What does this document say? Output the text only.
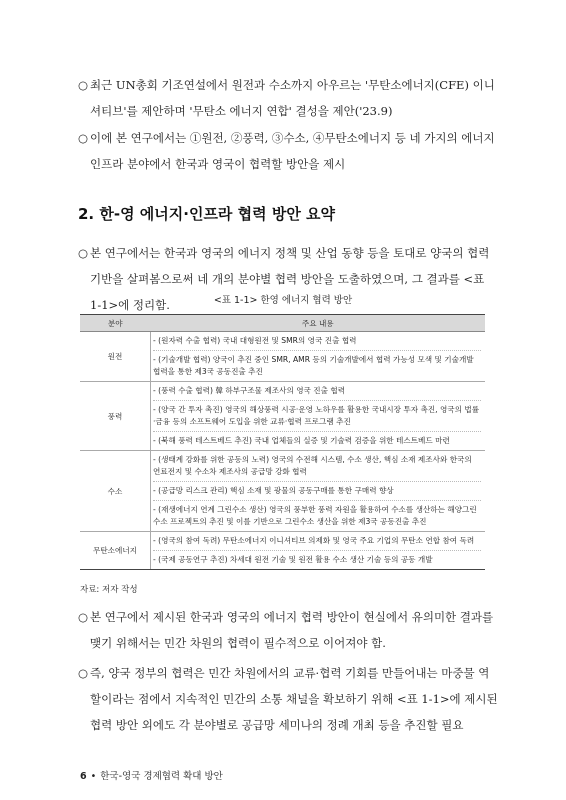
○ 최근 UN총회 기조연설에서 원전과 수소까지 아우르는 '무탄소에너지(CFE) 이니셔티브'를 제안하며 '무탄소 에너지 연합' 결성을 제안('23.9)
○ 이에 본 연구에서는 ①원전, ②풍력, ③수소, ④무탄소에너지 등 네 가지의 에너지 인프라 분야에서 한국과 영국이 협력할 방안을 제시
2. 한-영 에너지·인프라 협력 방안 요약
○ 본 연구에서는 한국과 영국의 에너지 정책 및 산업 동향 등을 토대로 양국의 협력 기반을 살펴봄으로써 네 개의 분야별 협력 방안을 도출하였으며, 그 결과를 <표 1-1>에 정리함.	<표 1-1> 한영 에너지 협력 방안
분야	주요 내용
원전	- (원자력 수출 협력) 국내 대형원전 및 SMR의 영국 진출 협력
- (기술개발 협력) 양국이 추진 중인 SMR, AMR 등의 기술개발에서 협력 가능성 모색 및 기술개발 협력을 통한 제3국 공동진출 추진

풍력	- (풍력 수출 협력) 韓 하부구조물 제조사의 영국 진출 협력
- (양국 간 투자 촉진) 영국의 해상풍력 시공·운영 노하우를 활용한 국내시장 투자 촉진, 영국의 법률·금융 등의 소프트웨어 도입을 위한 교류·협력 프로그램 추진
- (북해 풍력 테스트베드 추진) 국내 업체들의 실증 및 기술력 검증을 위한 테스트베드 마련

수소	- (생태계 강화를 위한 공동의 노력) 영국의 수전해 시스템, 수소 생산, 핵심 소재 제조사와 한국의 연료전지 및 수소차 제조사의 공급망 강화 협력
- (공급망 리스크 관리) 핵심 소재 및 광물의 공동구매를 통한 구매력 향상
- (재생에너지 연계 그린수소 생산) 영국의 풍부한 풍력 자원을 활용하여 수소를 생산하는 해양그린수소 프로젝트의 추진 및 이를 기반으로 그린수소 생산을 위한 제3국 공동진출 추진

무탄소에너지	- (영국의 참여 독려) 무탄소에너지 이니셔티브 의제화 및 영국 주요 기업의 무탄소 연합 참여 독려
- (국제 공동연구 추진) 차세대 원전 기술 및 원전 활용 수소 생산 기술 등의 공동 개발
자료: 저자 작성
○ 본 연구에서 제시된 한국과 영국의 에너지 협력 방안이 현실에서 유의미한 결과를 맺기 위해서는 민간 차원의 협력이 필수적으로 이어져야 함.
○ 즉, 양국 정부의 협력은 민간 차원에서의 교류·협력 기회를 만들어내는 마중물 역할이라는 점에서 지속적인 민간의 소통 채널을 확보하기 위해 <표 1-1>에 제시된 협력 방안 외에도 각 분야별로 공급망 세미나의 정례 개최 등을 추진할 필요
6 • 한국-영국 경제협력 확대 방안
